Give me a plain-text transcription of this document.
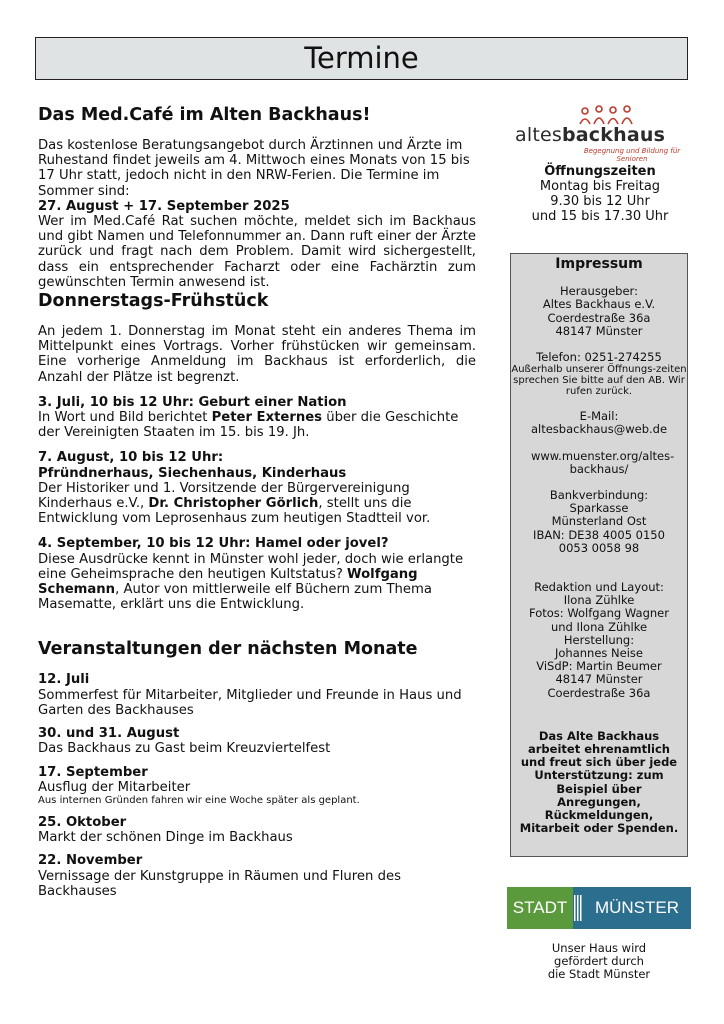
Termine
Das Med.Café im Alten Backhaus!

Das kostenlose Beratungsangebot durch Ärztinnen und Ärzte im Ruhestand findet jeweils am 4. Mittwoch eines Monats von 15 bis 17 Uhr statt, jedoch nicht in den NRW-Ferien. Die Termine im Sommer sind:

27. August + 17. September 2025

Wer im Med.Café Rat suchen möchte, meldet sich im Backhaus und gibt Namen und Telefonnummer an. Dann ruft einer der Ärzte zurück und fragt nach dem Problem. Damit wird sichergestellt, dass ein entsprechender Facharzt oder eine Fachärztin zum gewünschten Termin anwesend ist.

Donnerstags-Frühstück

An jedem 1. Donnerstag im Monat steht ein anderes Thema im Mittelpunkt eines Vortrags. Vorher frühstücken wir gemeinsam. Eine vorherige Anmeldung im Backhaus ist erforderlich, die Anzahl der Plätze ist begrenzt.

3. Juli, 10 bis 12 Uhr: Geburt einer Nation
In Wort und Bild berichtet Peter Externes über die Geschichte der Vereinigten Staaten im 15. bis 19. Jh.
7. August, 10 bis 12 Uhr:
Pfründnerhaus, Siechenhaus, Kinderhaus
Der Historiker und 1. Vorsitzende der Bürgervereinigung Kinderhaus e.V., Dr. Christopher Görlich, stellt uns die Entwicklung vom Leprosenhaus zum heutigen Stadtteil vor.
4. September, 10 bis 12 Uhr: Hamel oder jovel?
Diese Ausdrücke kennt in Münster wohl jeder, doch wie erlangte eine Geheimsprache den heutigen Kultstatus? Wolfgang Schemann, Autor von mittlerweile elf Büchern zum Thema Masematte, erklärt uns die Entwicklung.
Veranstaltungen der nächsten Monate
12. Juli
Sommerfest für Mitarbeiter, Mitglieder und Freunde in Haus und Garten des Backhauses
30. und 31. August
Das Backhaus zu Gast beim Kreuzviertelfest
17. September
Ausflug der Mitarbeiter
Aus internen Gründen fahren wir eine Woche später als geplant.
25. Oktober
Markt der schönen Dinge im Backhaus
22. November
Vernissage der Kunstgruppe in Räumen und Fluren des Backhauses
altesbackhaus
Begegnung und Bildung für Senioren
Öffnungszeiten
Montag bis Freitag
9.30 bis 12 Uhr
und 15 bis 17.30 Uhr
Impressum
Herausgeber:
Altes Backhaus e.V.
Coerdestraße 36a
48147 Münster
Telefon: 0251-274255
Außerhalb unserer Öffnungs-zeiten sprechen Sie bitte auf den AB. Wir rufen zurück.
E-Mail:
altesbackhaus@web.de
www.muenster.org/altes-backhaus/
Bankverbindung:
Sparkasse
Münsterland Ost
IBAN: DE38 4005 0150
0053 0058 98
Redaktion und Layout:
Ilona Zühlke
Fotos: Wolfgang Wagner
und Ilona Zühlke
Herstellung:
Johannes Neise
ViSdP: Martin Beumer
48147 Münster
Coerdestraße 36a
Das Alte Backhaus arbeitet ehrenamtlich und freut sich über jede Unterstützung: zum Beispiel über Anregungen, Rückmeldungen, Mitarbeit oder Spenden.
STADT	MÜNSTER
Unser Haus wird
gefördert durch
die Stadt Münster
